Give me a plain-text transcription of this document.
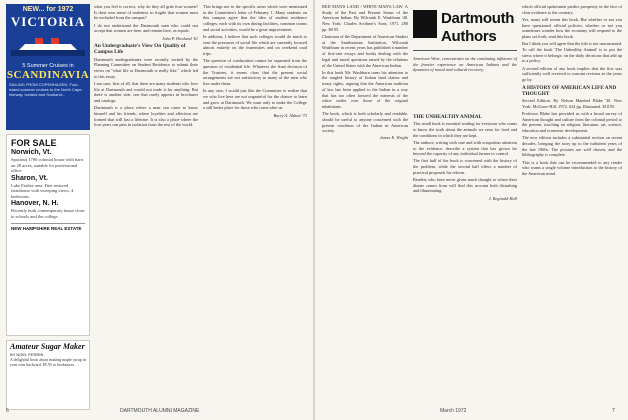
NEW... for 1972
VICTORIA
5 Summer Cruises in
SCANDINAVIA
SAILING FROM COPENHAGEN. Four-island summer cruises to the North Cape, Norway, Iceland and Scotland...
FOR SALE
Norwich, Vt.
Spacious 1790 colonial house with barn on 28 acres, suitable for professional office.
Sharon, Vt.
Lake Fairlee area. Fine restored farmhouse with sweeping views, 4 bedrooms.
Hanover, N. H.
Recently built contemporary house close to schools and the college.
NEW HAMPSHIRE REAL ESTATE
Amateur Sugar Maker
BY NOEL PERRIN
A delightful book about making maple syrup in your own backyard. $5.95 at bookstores.

what you feel is correct, why do they all grab four women? Is their own sense of maleness so fragile that women must be excluded from the campus?

I do not understand the Dartmouth men who could not accept that women are here, and remain here, as equals.

John P. Howland '61

An Undergraduate's View On Quality of Campus Life

Dartmouth undergraduates were recently invited by the Planning Committee on Student Residence to submit their views on "what life at Dartmouth is really like," which led to this essay.

I am sure, first of all, that there are many students who love life at Dartmouth and would not trade it for anything. But there is another side, one that rarely appears in brochures and catalogs.

Dartmouth is a place where a man can come to know himself and his friends, where loyalties and affection are formed that will last a lifetime. It is also a place where the four years can pass in isolation from the rest of the world.

This brings me to the specific areas which were mentioned in the Committee's letter of February 1. Many students on this campus agree that the idea of student residence colleges, each with its own dining facilities, common rooms and social activities, would be a great improvement.

In addition, I believe that such colleges would do much to ease the pressures of social life which are currently focused almost entirely on the fraternities and on weekend road trips.

The question of coeducation cannot be separated from the question of residential life. Whatever the final decision of the Trustees, it seems clear that the present social arrangements are not satisfactory to many of the men who live under them.

In any case, I would just like the Committee to realize that we who live here are not ungrateful for the chance to learn and grow at Dartmouth. We want only to make the College a still better place for those who come after us.

Barry A. Abbott '73

RED MAN'S LAND / WHITE MAN'S LAW: A Study of the Past and Present Status of the American Indian. By Wilcomb E. Washburn '48. New York: Charles Scribner's Sons, 1971. 280 pp. $8.95.

Chairman of the Department of American Studies at the Smithsonian Institution, Wilcomb Washburn in recent years has published a number of first-rate essays and books dealing with the legal and moral questions raised by the relations of the United States with the American Indian.

In this book Mr. Washburn turns his attention to the tangled history of Indian land claims and treaty rights, arguing that the American tradition of law has been applied to the Indian in a way that has too often favored the interests of the white settler over those of the original inhabitants.

The book, which is both scholarly and readable, should be useful to anyone concerned with the present condition of the Indian in American society.

James E. Wright

Dartmouth
Authors
American Wine, concentrates on the continuing influence of the frontier experience on American Indians and the dynamics of moral and cultural recovery.
THE UNHEALTHY ANIMAL

This small book is essential reading for everyone who wants to know the truth about the animals we raise for food and the conditions in which they are kept.

The authors, writing with care and with scrupulous attention to the evidence, describe a system that has grown far beyond the capacity of any individual farmer to control.

The first half of the book is concerned with the history of the problem, while the second half offers a number of practical proposals for reform.

Readers who have never given much thought to where their dinner comes from will find this account both disturbing and illuminating.

J. Reginald Hall

which official spokesmen predict prosperity in the face of clear evidence to the contrary.

Yes, many will resent this book. But whether or not you have questioned official policies, whether or not you sometimes wonder how the economy will respond to the plans set forth, read this book.

But I think you will agree that the title is not unwarranted. To call the book 'The Unhealthy Animal' is to put the stress where it belongs: on the daily decisions that add up to a policy.

A second edition of any book implies that the first was sufficiently well received to warrant revision as the years go by.

A HISTORY OF AMERICAN LIFE AND THOUGHT

Second Edition. By Nelson Manfred Blake '30. New York: McGraw-Hill, 1972. 624 pp. Illustrated. $10.95.

Professor Blake has provided us with a broad survey of American thought and culture from the colonial period to the present, touching on religion, literature, art, science, education and economic development.

The new edition includes a substantial section on recent decades, bringing the story up to the turbulent years of the late 1960s. The pictures are well chosen, and the bibliography is complete.

This is a book that can be recommended to any reader who wants a single volume introduction to the history of the American mind.

6	DARTMOUTH ALUMNI MAGAZINE	March 1972	7
